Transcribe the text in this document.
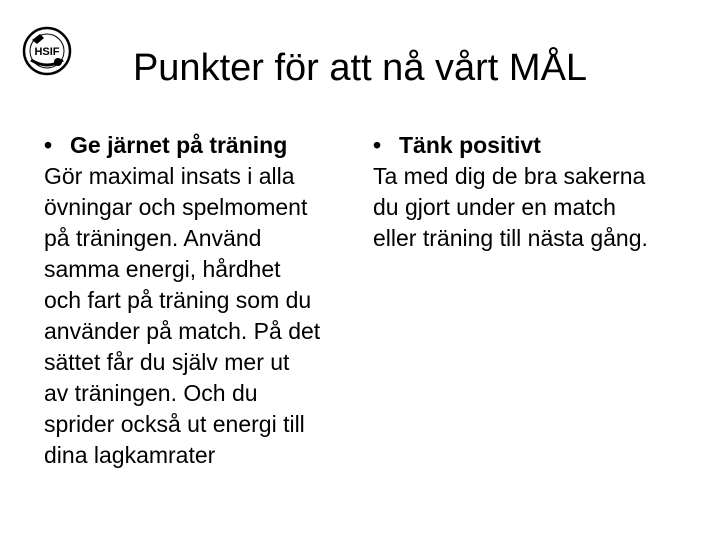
HSIF	Punkter för att nå vårt MÅL
• Ge järnet på träning
Gör maximal insats i alla
övningar och spelmoment
på träningen. Använd
samma energi, hårdhet
och fart på träning som du
använder på match. På det
sättet får du själv mer ut
av träningen. Och du
sprider också ut energi till
dina lagkamrater
• Tänk positivt
Ta med dig de bra sakerna
du gjort under en match
eller träning till nästa gång.
